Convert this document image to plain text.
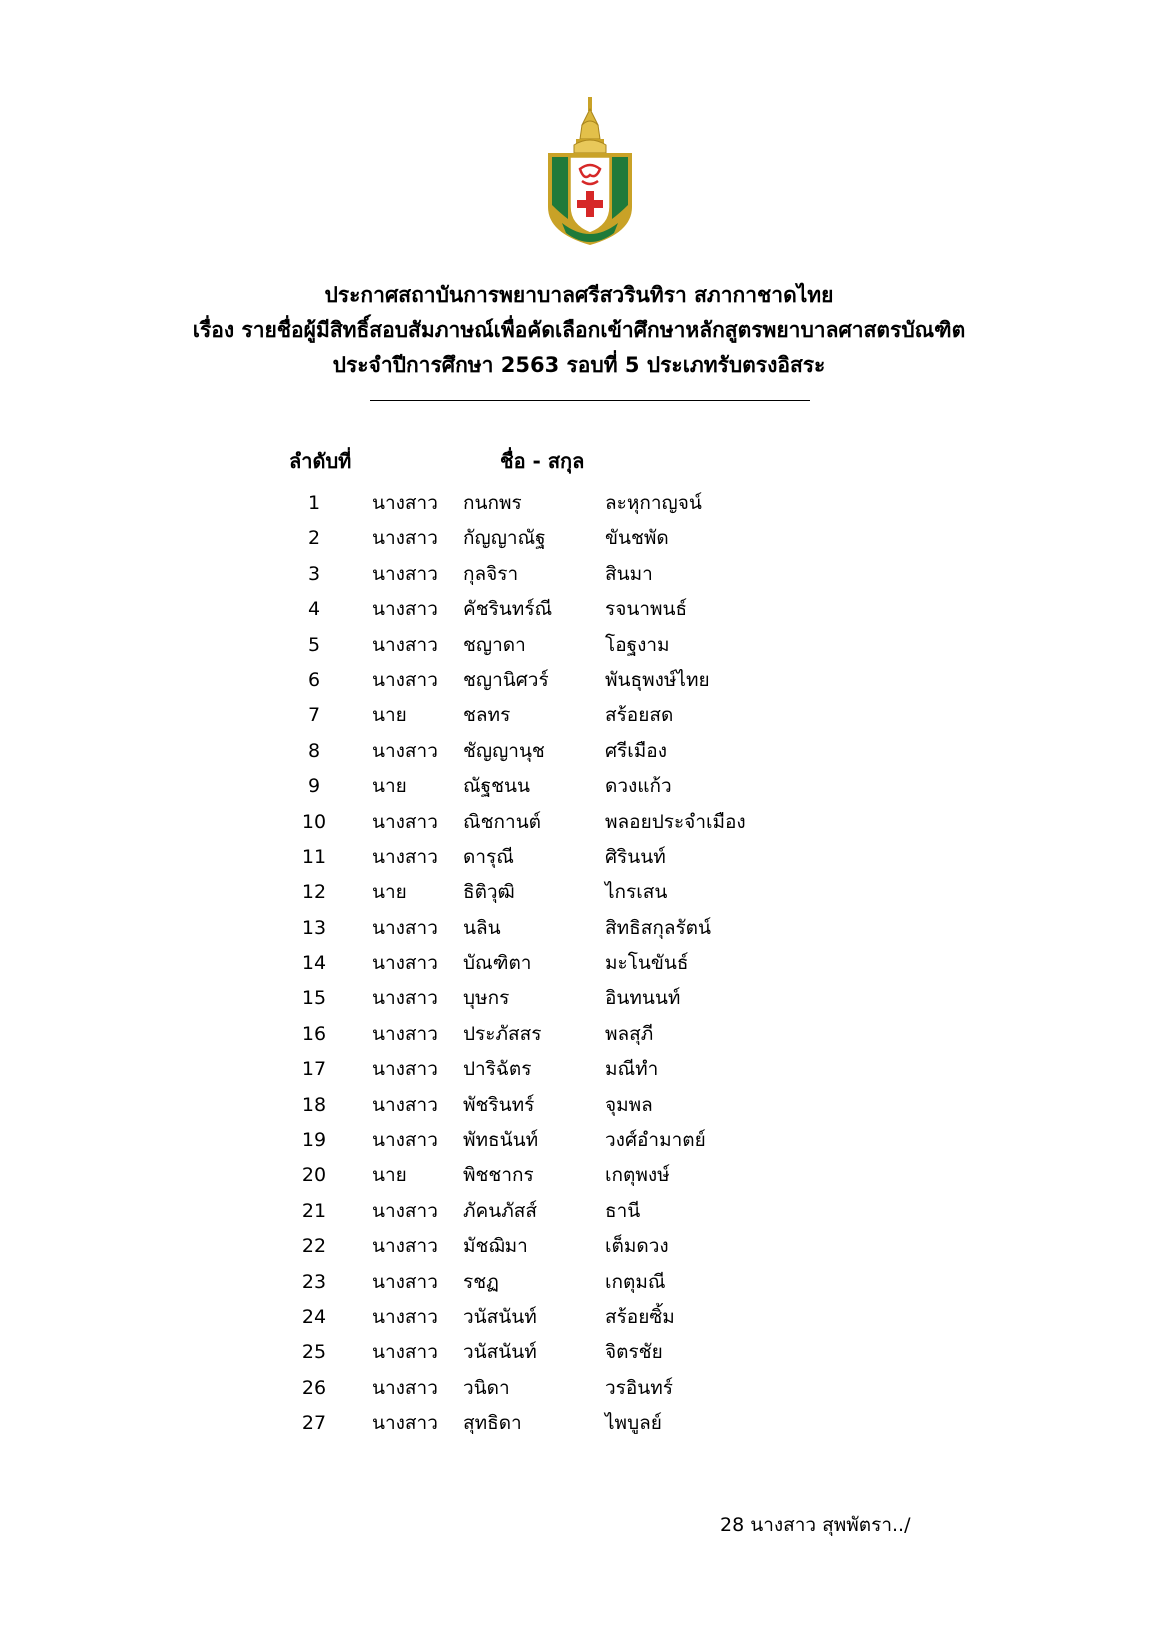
ประกาศสถาบันการพยาบาลศรีสวรินทิรา สภากาชาดไทย
เรื่อง รายชื่อผู้มีสิทธิ์สอบสัมภาษณ์เพื่อคัดเลือกเข้าศึกษาหลักสูตรพยาบาลศาสตรบัณฑิต
ประจำปีการศึกษา 2563 รอบที่ 5 ประเภทรับตรงอิสระ
ลำดับที่	ชื่อ - สกุล
1	นางสาว กนกพร	ละหุกาญจน์
2	นางสาว กัญญาณัฐ	ขันชพัด
3	นางสาว กุลจิรา	สินมา
4	นางสาว คัชรินทร์ณี	รจนาพนธ์
5	นางสาว ชญาดา	โอฐงาม
6	นางสาว ชญานิศวร์	พันธุพงษ์ไทย
7	นาย	ชลทร	สร้อยสด
8	นางสาว ชัญญานุช	ศรีเมือง
9	นาย	ณัฐชนน	ดวงแก้ว
10	นางสาว ณิชกานต์	พลอยประจำเมือง
11	นางสาว ดารุณี	ศิรินนท์
12	นาย	ธิติวุฒิ	ไกรเสน
13	นางสาว นลิน	สิทธิสกุลรัตน์
14	นางสาว บัณฑิตา	มะโนขันธ์
15	นางสาว บุษกร	อินทนนท์
16	นางสาว ประภัสสร	พลสุภี
17	นางสาว ปาริฉัตร	มณีทำ
18	นางสาว พัชรินทร์	จุมพล
19	นางสาว พัทธนันท์	วงศ์อำมาตย์
20	นาย	พิชชากร	เกตุพงษ์
21	นางสาว ภัคนภัสส์	ธานี
22	นางสาว มัชฌิมา	เต็มดวง
23	นางสาว รชฏ	เกตุมณี
24	นางสาว วนัสนันท์	สร้อยซิ้ม
25	นางสาว วนัสนันท์	จิตรชัย
26	นางสาว วนิดา	วรอินทร์
27	นางสาว สุทธิดา	ไพบูลย์
28 นางสาว สุพพัตรา../
